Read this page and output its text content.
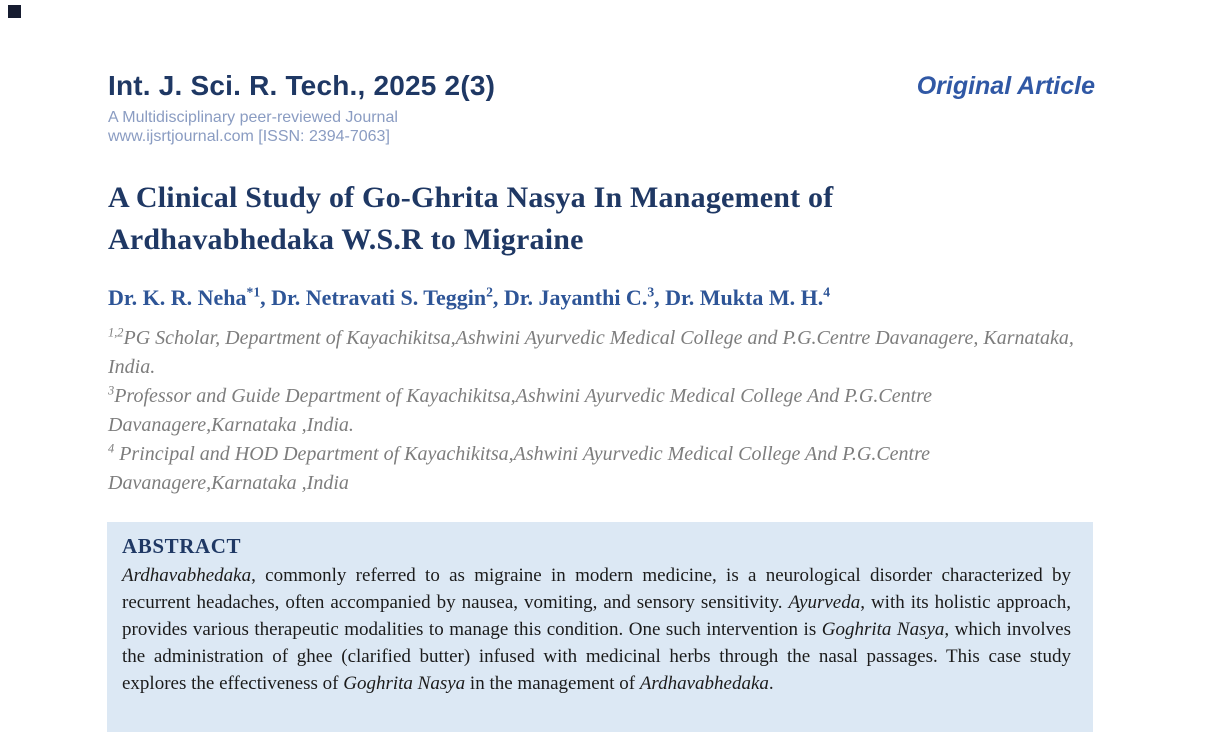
Int. J. Sci. R. Tech., 2025 2(3)
A Multidisciplinary peer-reviewed Journal
www.ijsrtjournal.com [ISSN: 2394-7063]
Original Article
A Clinical Study of Go-Ghrita Nasya In Management of Ardhavabhedaka W.S.R to Migraine
Dr. K. R. Neha$^{*1}$, Dr. Netravati S. Teggin$^2$, Dr. Jayanthi C.$^3$, Dr. Mukta M. H.$^4$

$^{1,2}$PG Scholar, Department of Kayachikitsa,Ashwini Ayurvedic Medical College and P.G.Centre Davanagere, Karnataka, India.

$^3$Professor and Guide Department of Kayachikitsa,Ashwini Ayurvedic Medical College And P.G.Centre Davanagere,Karnataka ,India.

$^4$ Principal and HOD Department of Kayachikitsa,Ashwini Ayurvedic Medical College And P.G.Centre Davanagere,Karnataka ,India

ABSTRACT

Ardhavabhedaka, commonly referred to as migraine in modern medicine, is a neurological disorder characterized by recurrent headaches, often accompanied by nausea, vomiting, and sensory sensitivity. Ayurveda, with its holistic approach, provides various therapeutic modalities to manage this condition. One such intervention is Goghrita Nasya, which involves the administration of ghee (clarified butter) infused with medicinal herbs through the nasal passages. This case study explores the effectiveness of Goghrita Nasya in the management of Ardhavabhedaka.
